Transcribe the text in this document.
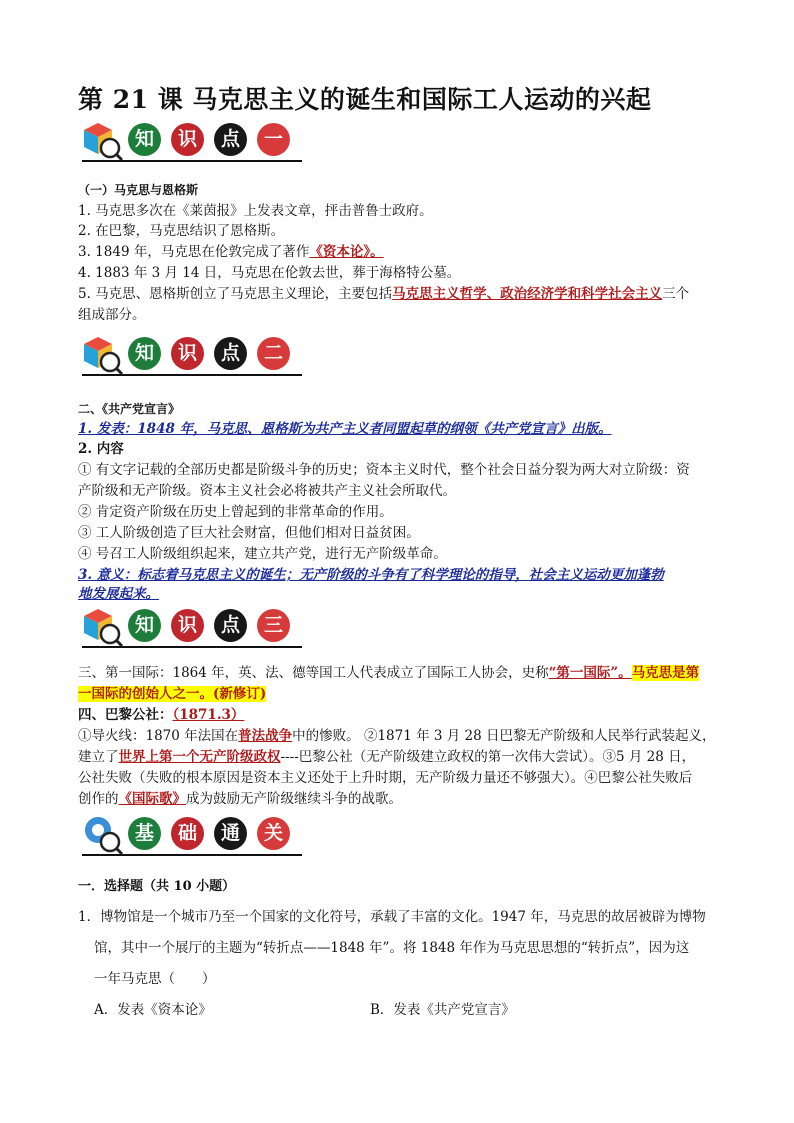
第 21 课 马克思主义的诞生和国际工人运动的兴起
知	识	点	一
（一）马克思与恩格斯
1. 马克思多次在《莱茵报》上发表文章，抨击普鲁士政府。
2. 在巴黎，马克思结识了恩格斯。
3. 1849 年，马克思在伦敦完成了著作《资本论》。
4. 1883 年 3 月 14 日，马克思在伦敦去世，葬于海格特公墓。
5. 马克思、恩格斯创立了马克思主义理论，主要包括马克思主义哲学、政治经济学和科学社会主义三个
组成部分。
知	识	点	二
二、《共产党宣言》
1. 发表：1848 年，马克思、恩格斯为共产主义者同盟起草的纲领《共产党宣言》出版。
2. 内容
① 有文字记载的全部历史都是阶级斗争的历史；资本主义时代，整个社会日益分裂为两大对立阶级：资
产阶级和无产阶级。资本主义社会必将被共产主义社会所取代。
② 肯定资产阶级在历史上曾起到的非常革命的作用。
③ 工人阶级创造了巨大社会财富，但他们相对日益贫困。
④ 号召工人阶级组织起来，建立共产党，进行无产阶级革命。
3. 意义：标志着马克思主义的诞生；无产阶级的斗争有了科学理论的指导，社会主义运动更加蓬勃
地发展起来。
知	识	点	三
三、第一国际：1864 年，英、法、德等国工人代表成立了国际工人协会，史称“第一国际”。马克思是第
一国际的创始人之一。(新修订)
四、巴黎公社：（1871.3）
①导火线：1870 年法国在普法战争中的惨败。 ②1871 年 3 月 28 日巴黎无产阶级和人民举行武装起义，
建立了世界上第一个无产阶级政权----巴黎公社（无产阶级建立政权的第一次伟大尝试）。③5 月 28 日，
公社失败（失败的根本原因是资本主义还处于上升时期，无产阶级力量还不够强大）。④巴黎公社失败后
创作的《国际歌》成为鼓励无产阶级继续斗争的战歌。
基	础	通	关
一．选择题（共 10 小题）
1．博物馆是一个城市乃至一个国家的文化符号，承载了丰富的文化。1947 年，马克思的故居被辟为博物
馆，其中一个展厅的主题为“转折点——1848 年”。将 1848 年作为马克思思想的“转折点”，因为这
一年马克思（　　）
A．发表《资本论》	B．发表《共产党宣言》
